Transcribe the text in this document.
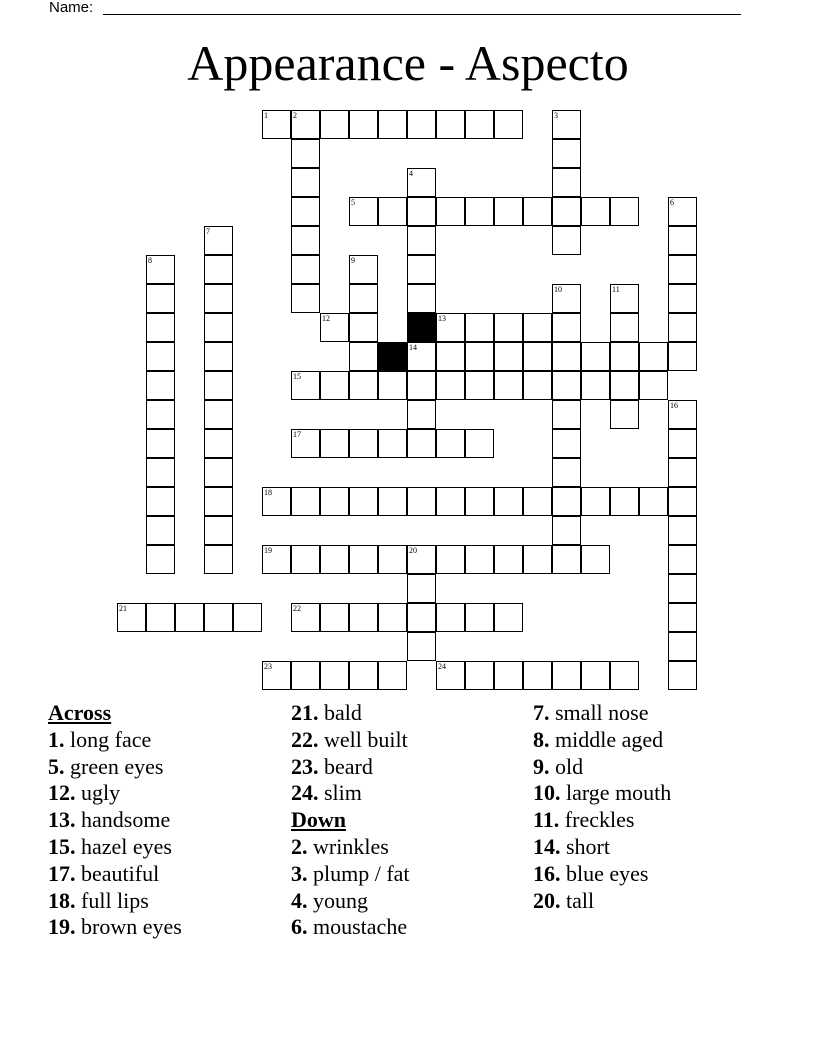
Name:
Appearance - Aspecto
1	2	3
4
5	6
7
8	9
10	11
12	13
14
15
16
17
18
19	20
21	22
23	24
Across
1. long face
5. green eyes
12. ugly
13. handsome
15. hazel eyes
17. beautiful
18. full lips
19. brown eyes
21. bald
22. well built
23. beard
24. slim
Down
2. wrinkles
3. plump / fat
4. young
6. moustache
7. small nose
8. middle aged
9. old
10. large mouth
11. freckles
14. short
16. blue eyes
20. tall
